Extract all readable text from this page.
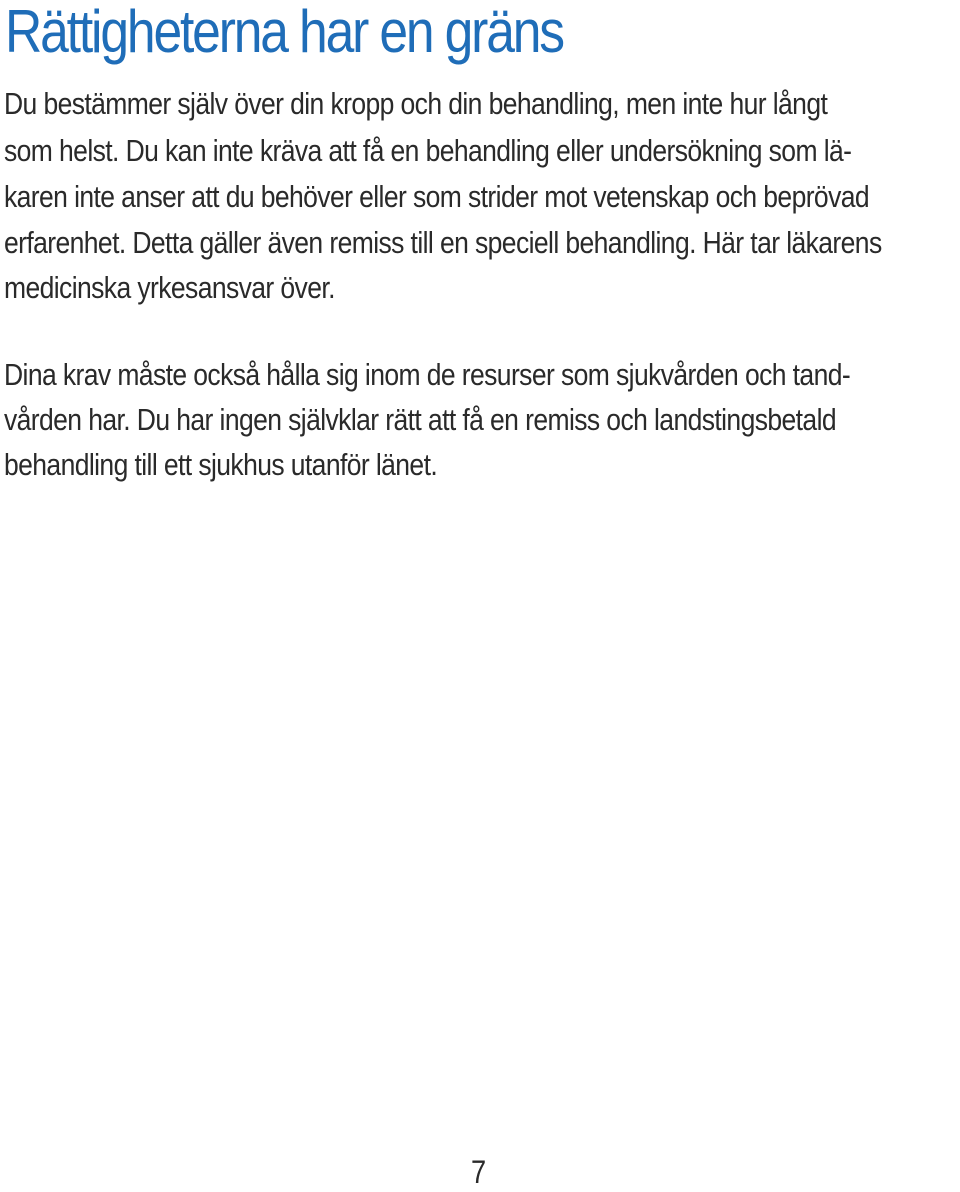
Rättigheterna har en gräns

Du bestämmer själv över din kropp och din behandling, men inte hur långt

som helst. Du kan inte kräva att få en behandling eller undersökning som lä-

karen inte anser att du behöver eller som strider mot vetenskap och beprövad

erfarenhet. Detta gäller även remiss till en speciell behandling. Här tar läkarens

medicinska yrkesansvar över.

Dina krav måste också hålla sig inom de resurser som sjukvården och tand-

vården har. Du har ingen självklar rätt att få en remiss och landstingsbetald

behandling till ett sjukhus utanför länet.

7
